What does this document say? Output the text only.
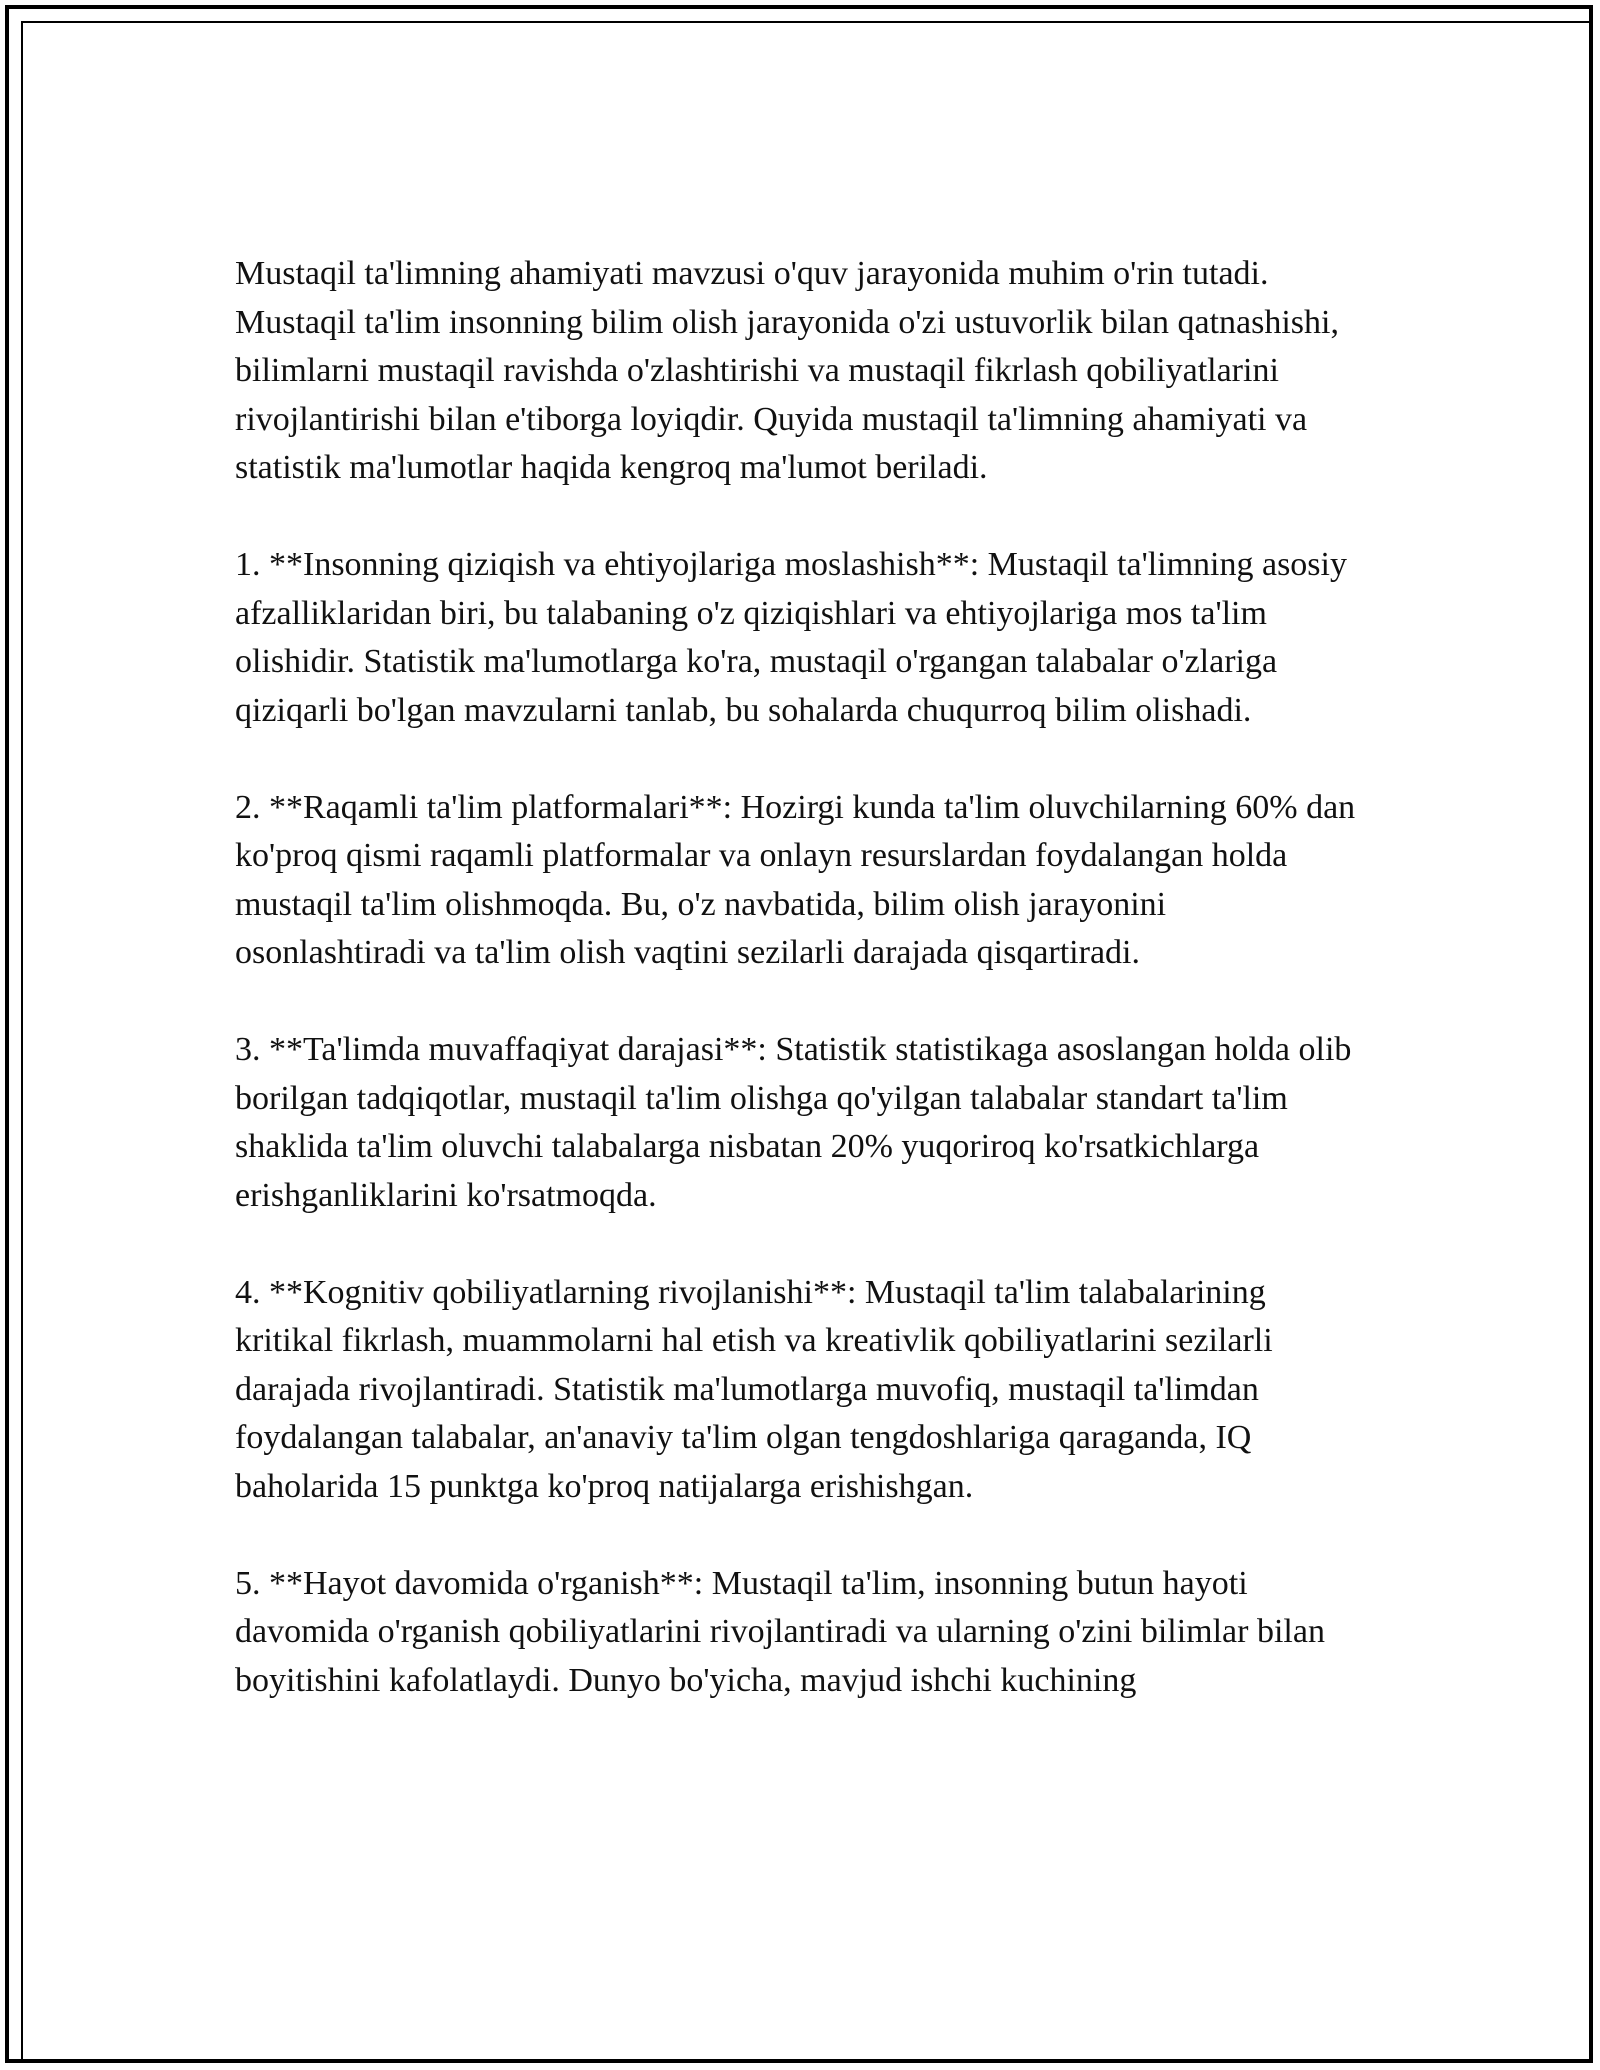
Mustaqil ta'limning ahamiyati mavzusi o'quv jarayonida muhim o'rin tutadi. Mustaqil ta'lim insonning bilim olish jarayonida o'zi ustuvorlik bilan qatnashishi, bilimlarni mustaqil ravishda o'zlashtirishi va mustaqil fikrlash qobiliyatlarini rivojlantirishi bilan e'tiborga loyiqdir. Quyida mustaqil ta'limning ahamiyati va statistik ma'lumotlar haqida kengroq ma'lumot beriladi.

1. **Insonning qiziqish va ehtiyojlariga moslashish**: Mustaqil ta'limning asosiy afzalliklaridan biri, bu talabaning o'z qiziqishlari va ehtiyojlariga mos ta'lim olishidir. Statistik ma'lumotlarga ko'ra, mustaqil o'rgangan talabalar o'zlariga qiziqarli bo'lgan mavzularni tanlab, bu sohalarda chuqurroq bilim olishadi.

2. **Raqamli ta'lim platformalari**: Hozirgi kunda ta'lim oluvchilarning 60% dan ko'proq qismi raqamli platformalar va onlayn resurslardan foydalangan holda mustaqil ta'lim olishmoqda. Bu, o'z navbatida, bilim olish jarayonini osonlashtiradi va ta'lim olish vaqtini sezilarli darajada qisqartiradi.

3. **Ta'limda muvaffaqiyat darajasi**: Statistik statistikaga asoslangan holda olib borilgan tadqiqotlar, mustaqil ta'lim olishga qo'yilgan talabalar standart ta'lim shaklida ta'lim oluvchi talabalarga nisbatan 20% yuqoriroq ko'rsatkichlarga erishganliklarini ko'rsatmoqda.

4. **Kognitiv qobiliyatlarning rivojlanishi**: Mustaqil ta'lim talabalarining kritikal fikrlash, muammolarni hal etish va kreativlik qobiliyatlarini sezilarli darajada rivojlantiradi. Statistik ma'lumotlarga muvofiq, mustaqil ta'limdan foydalangan talabalar, an'anaviy ta'lim olgan tengdoshlariga qaraganda, IQ baholarida 15 punktga ko'proq natijalarga erishishgan.

5. **Hayot davomida o'rganish**: Mustaqil ta'lim, insonning butun hayoti davomida o'rganish qobiliyatlarini rivojlantiradi va ularning o'zini bilimlar bilan boyitishini kafolatlaydi. Dunyo bo'yicha, mavjud ishchi kuchining
